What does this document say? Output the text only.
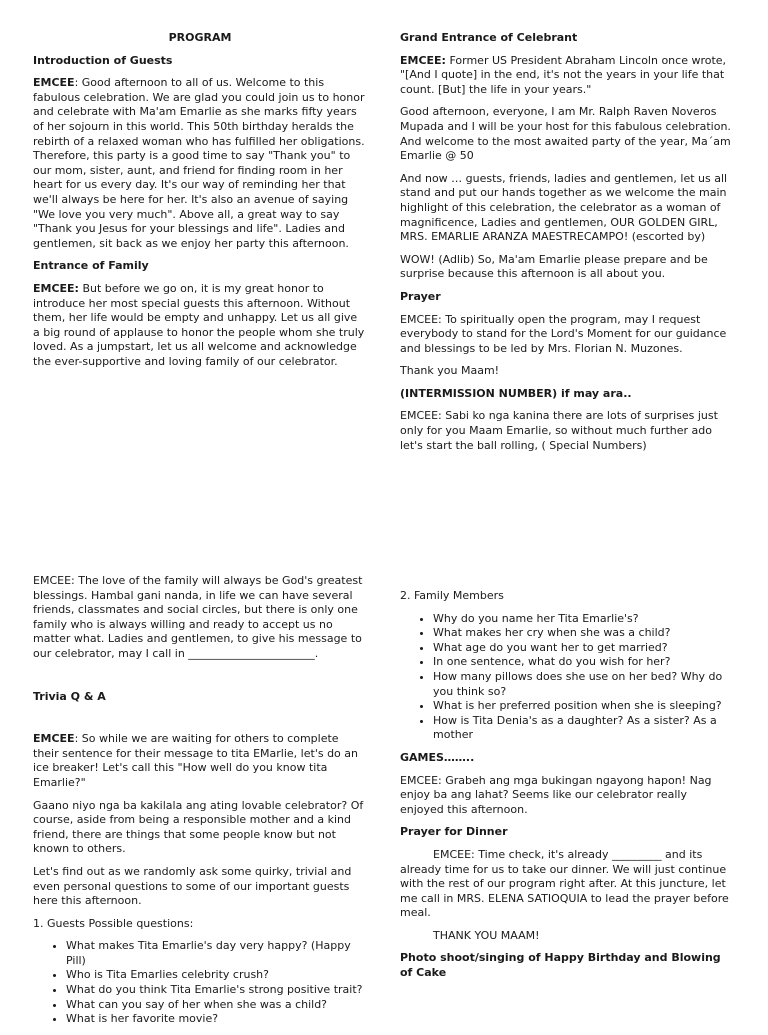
PROGRAM

Introduction of Guests

EMCEE: Good afternoon to all of us. Welcome to this fabulous celebration. We are glad you could join us to honor and celebrate with Ma'am Emarlie as she marks fifty years of her sojourn in this world. This 50th birthday heralds the rebirth of a relaxed woman who has fulfilled her obligations. Therefore, this party is a good time to say "Thank you" to our mom, sister, aunt, and friend for finding room in her heart for us every day. It's our way of reminding her that we'll always be here for her. It's also an avenue of saying "We love you very much". Above all, a great way to say "Thank you Jesus for your blessings and life". Ladies and gentlemen, sit back as we enjoy her party this afternoon.

Entrance of Family

EMCEE: But before we go on, it is my great honor to introduce her most special guests this afternoon. Without them, her life would be empty and unhappy. Let us all give a big round of applause to honor the people whom she truly loved. As a jumpstart, let us all welcome and acknowledge the ever-supportive and loving family of our celebrator.

Grand Entrance of Celebrant

EMCEE: Former US President Abraham Lincoln once wrote, "[And I quote] in the end, it's not the years in your life that count. [But] the life in your years."

Good afternoon, everyone, I am Mr. Ralph Raven Noveros Mupada and I will be your host for this fabulous celebration. And welcome to the most awaited party of the year, Ma´am Emarlie @ 50

And now … guests, friends, ladies and gentlemen, let us all stand and put our hands together as we welcome the main highlight of this celebration, the celebrator as a woman of magnificence, Ladies and gentlemen, OUR GOLDEN GIRL, MRS. EMARLIE ARANZA MAESTRECAMPO! (escorted by)

WOW! (Adlib) So, Ma'am Emarlie please prepare and be surprise because this afternoon is all about you.

Prayer

EMCEE: To spiritually open the program, may I request everybody to stand for the Lord's Moment for our guidance and blessings to be led by Mrs. Florian N. Muzones.

Thank you Maam!

(INTERMISSION NUMBER) if may ara..

EMCEE: Sabi ko nga kanina there are lots of surprises just only for you Maam Emarlie, so without much further ado let's start the ball rolling, ( Special Numbers)

EMCEE: The love of the family will always be God's greatest blessings. Hambal gani nanda, in life we can have several friends, classmates and social circles, but there is only one family who is always willing and ready to accept us no matter what. Ladies and gentlemen, to give his message to our celebrator, may I call in _______________________.

Trivia Q & A

EMCEE: So while we are waiting for others to complete their sentence for their message to tita EMarlie, let's do an ice breaker! Let's call this "How well do you know tita Emarlie?"

Gaano niyo nga ba kakilala ang ating lovable celebrator? Of course, aside from being a responsible mother and a kind friend, there are things that some people know but not known to others.

Let's find out as we randomly ask some quirky, trivial and even personal questions to some of our important guests here this afternoon.

1. Guests Possible questions:

• What makes Tita Emarlie's day very happy? (Happy Pill)
• Who is Tita Emarlies celebrity crush?
• What do you think Tita Emarlie's strong positive trait?
• What can you say of her when she was a child?
• What is her favorite movie?

2. Family Members

• Why do you name her Tita Emarlie's?
• What makes her cry when she was a child?
• What age do you want her to get married?
• In one sentence, what do you wish for her?
• How many pillows does she use on her bed? Why do you think so?
• What is her preferred position when she is sleeping?
• How is Tita Denia's as a daughter? As a sister? As a mother

GAMES……..

EMCEE: Grabeh ang mga bukingan ngayong hapon! Nag enjoy ba ang lahat? Seems like our celebrator really enjoyed this afternoon.

Prayer for Dinner

EMCEE: Time check, it's already _________ and its already time for us to take our dinner. We will just continue with the rest of our program right after. At this juncture, let me call in MRS. ELENA SATIOQUIA to lead the prayer before meal.

THANK YOU MAAM!

Photo shoot/singing of Happy Birthday and Blowing of Cake
